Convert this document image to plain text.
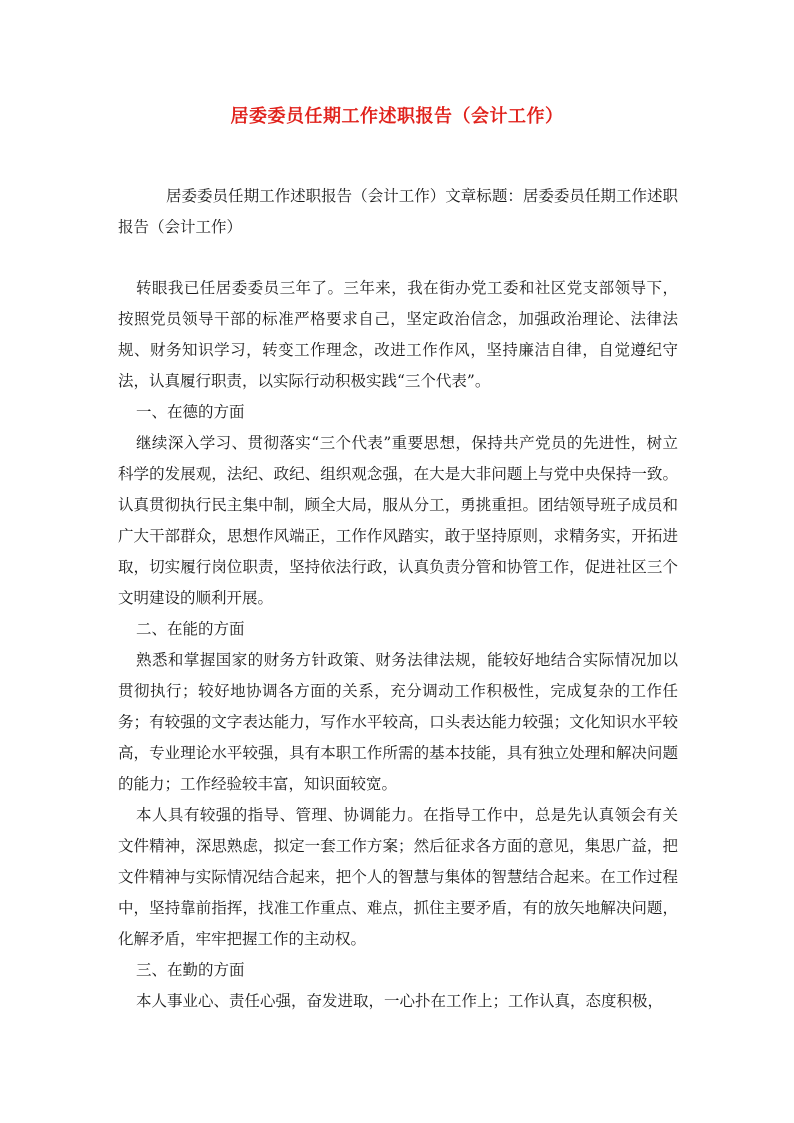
居委委员任期工作述职报告（会计工作）

居委委员任期工作述职报告（会计工作）文章标题：居委委员任期工作述职报告（会计工作）

转眼我已任居委委员三年了。三年来，我在街办党工委和社区党支部领导下，按照党员领导干部的标准严格要求自己，坚定政治信念，加强政治理论、法律法规、财务知识学习，转变工作理念，改进工作作风，坚持廉洁自律，自觉遵纪守法，认真履行职责，以实际行动积极实践“三个代表”。

一、在德的方面

继续深入学习、贯彻落实“三个代表”重要思想，保持共产党员的先进性，树立科学的发展观，法纪、政纪、组织观念强，在大是大非问题上与党中央保持一致。认真贯彻执行民主集中制，顾全大局，服从分工，勇挑重担。团结领导班子成员和广大干部群众，思想作风端正，工作作风踏实，敢于坚持原则，求精务实，开拓进取，切实履行岗位职责，坚持依法行政，认真负责分管和协管工作，促进社区三个文明建设的顺利开展。

二、在能的方面

熟悉和掌握国家的财务方针政策、财务法律法规，能较好地结合实际情况加以贯彻执行；较好地协调各方面的关系，充分调动工作积极性，完成复杂的工作任务；有较强的文字表达能力，写作水平较高，口头表达能力较强；文化知识水平较高，专业理论水平较强，具有本职工作所需的基本技能，具有独立处理和解决问题的能力；工作经验较丰富，知识面较宽。

本人具有较强的指导、管理、协调能力。在指导工作中，总是先认真领会有关文件精神，深思熟虑，拟定一套工作方案；然后征求各方面的意见，集思广益，把文件精神与实际情况结合起来，把个人的智慧与集体的智慧结合起来。在工作过程中，坚持靠前指挥，找准工作重点、难点，抓住主要矛盾，有的放矢地解决问题，化解矛盾，牢牢把握工作的主动权。

三、在勤的方面

本人事业心、责任心强，奋发进取，一心扑在工作上；工作认真，态度积极，
